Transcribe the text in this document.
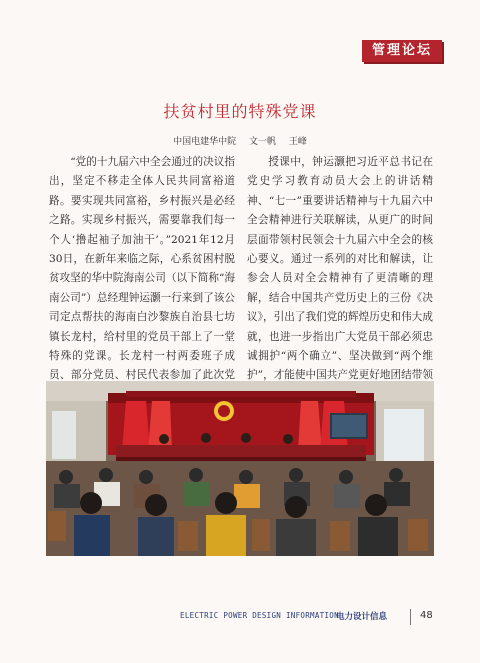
管理论坛
扶贫村里的特殊党课
中国电建华中院 文一帆 王峰

“党的十九届六中全会通过的决议指出，坚定不移走全体人民共同富裕道路。要实现共同富裕，乡村振兴是必经之路。实现乡村振兴，需要靠我们每一个人‘撸起袖子加油干’。”2021年12月30日，在新年来临之际，心系贫困村脱贫攻坚的华中院海南公司（以下简称“海南公司”）总经理钟运灏一行来到了该公司定点帮扶的海南白沙黎族自治县七坊镇长龙村，给村里的党员干部上了一堂特殊的党课。长龙村一村两委班子成员、部分党员、村民代表参加了此次党

授课中，钟运灏把习近平总书记在党史学习教育动员大会上的讲话精神、“七一”重要讲话精神与十九届六中全会精神进行关联解读，从更广的时间层面带领村民领会十九届六中全会的核心要义。通过一系列的对比和解读，让参会人员对全会精神有了更清晰的理解，结合中国共产党历史上的三份《决议》，引出了我们党的辉煌历史和伟大成就，也进一步指出广大党员干部必须忠诚拥护“两个确立”、坚决做到“两个维护”，才能使中国共产党更好地团结带领

ELECTRIC POWER DESIGN INFORMATION
电力设计信息	48
